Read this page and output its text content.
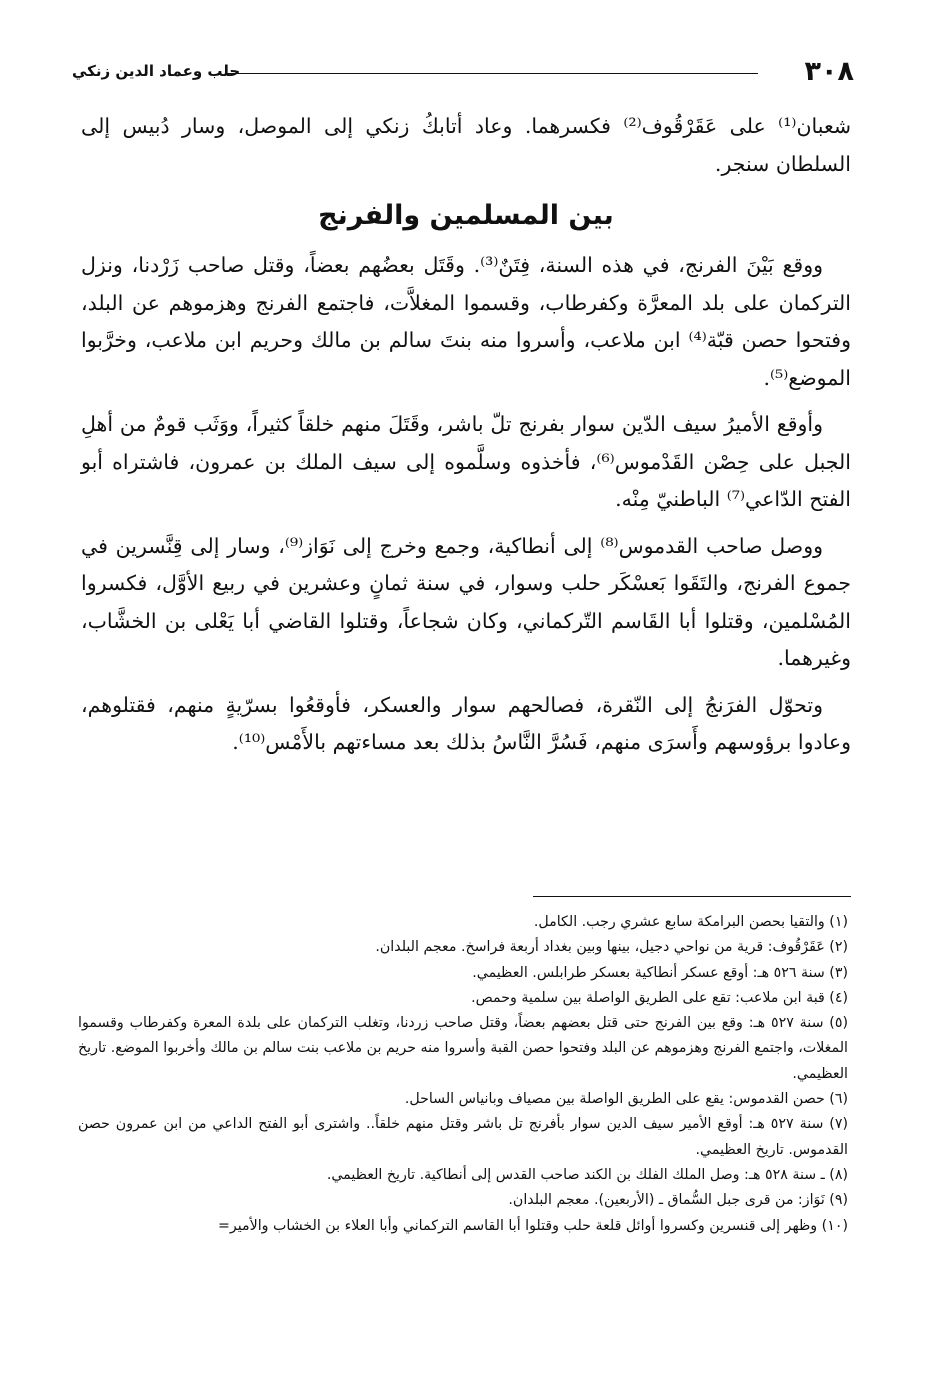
٣٠٨
حلب وعماد الدين زنكي

شعبان⁽¹⁾ على عَقَرْقُوف⁽²⁾ فكسرهما. وعاد أتابكُ زنكي إلى الموصل، وسار دُبيس إلى السلطان سنجر.

بين المسلمين والفرنج

ووقع بَيْنَ الفرنج، في هذه السنة، فِتَنٌ⁽³⁾. وقَتَل بعضُهم بعضاً، وقتل صاحب زَرْدنا، ونزل التركمان على بلد المعرَّة وكفرطاب، وقسموا المغلاَّت، فاجتمع الفرنج وهزموهم عن البلد، وفتحوا حصن قبّة⁽⁴⁾ ابن ملاعب، وأسروا منه بنتَ سالم بن مالك وحريم ابن ملاعب، وخرَّبوا الموضع⁽⁵⁾.

وأوقع الأميرُ سيف الدّين سوار بفرنج تلّ باشر، وقَتَلَ منهم خلقاً كثيراً، ووَثَب قومٌ من أهلِ الجبل على حِصْن القَدْموس⁽⁶⁾، فأخذوه وسلَّموه إلى سيف الملك بن عمرون، فاشتراه أبو الفتح الدّاعي⁽⁷⁾ الباطنيّ مِنْه.

ووصل صاحب القدموس⁽⁸⁾ إلى أنطاكية، وجمع وخرج إلى نَوَاز⁽⁹⁾، وسار إلى قِنَّسرين في جموع الفرنج، والتَقَوا بَعسْكَر حلب وسوار، في سنة ثمانٍ وعشرين في ربيع الأوَّل، فكسروا المُسْلمين، وقتلوا أبا القَاسم التّركماني، وكان شجاعاً، وقتلوا القاضي أبا يَعْلى بن الخشَّاب، وغيرهما.

وتحوّل الفرَنجُ إلى النّقرة، فصالحهم سوار والعسكر، فأوقعُوا بسرّيةٍ منهم، فقتلوهم، وعادوا برؤوسهم وأَسرَى منهم، فَسُرَّ النَّاسُ بذلك بعد مساءتهم بالأَمْس⁽¹⁰⁾.

(١) والتقيا بحصن البرامكة سابع عشري رجب. الكامل.

(٢) عَقَرْقُوف: قرية من نواحي دجيل، بينها وبين بغداد أربعة فراسخ. معجم البلدان.

(٣) سنة ٥٢٦ هـ: أوقع عسكر أنطاكية بعسكر طرابلس. العظيمي.

(٤) قبة ابن ملاعب: تقع على الطريق الواصلة بين سلمية وحمص.

(٥) سنة ٥٢٧ هـ: وقع بين الفرنج حتى قتل بعضهم بعضاً، وقتل صاحب زردنا، وتغلب التركمان على بلدة المعرة وكفرطاب وقسموا المغلات، واجتمع الفرنج وهزموهم عن البلد وفتحوا حصن القبة وأسروا منه حريم بن ملاعب بنت سالم بن مالك وأخربوا الموضع. تاريخ العظيمي.

(٦) حصن القدموس: يقع على الطريق الواصلة بين مصياف وبانياس الساحل.

(٧) سنة ٥٢٧ هـ: أوقع الأمير سيف الدين سوار بأفرنج تل باشر وقتل منهم خلقاً.. واشترى أبو الفتح الداعي من ابن عمرون حصن القدموس. تاريخ العظيمي.

(٨) ـ سنة ٥٢٨ هـ: وصل الملك الفلك بن الكند صاحب القدس إلى أنطاكية. تاريخ العظيمي.

(٩) نَوَاز: من قرى جبل السُّماق ـ (الأربعين). معجم البلدان.

(١٠) وظهر إلى قنسرين وكسروا أوائل قلعة حلب وقتلوا أبا القاسم التركماني وأبا العلاء بن الخشاب والأمير=
